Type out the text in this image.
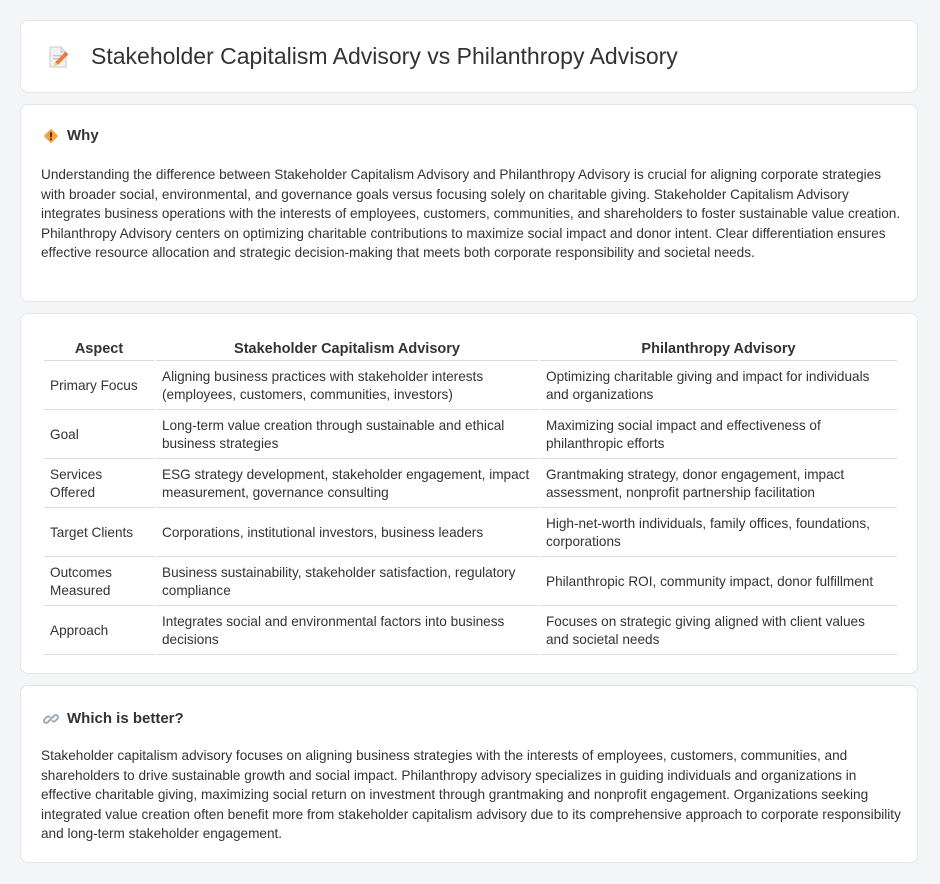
Stakeholder Capitalism Advisory vs Philanthropy Advisory
Why

Understanding the difference between Stakeholder Capitalism Advisory and Philanthropy Advisory is crucial for aligning corporate strategies with broader social, environmental, and governance goals versus focusing solely on charitable giving. Stakeholder Capitalism Advisory integrates business operations with the interests of employees, customers, communities, and shareholders to foster sustainable value creation. Philanthropy Advisory centers on optimizing charitable contributions to maximize social impact and donor intent. Clear differentiation ensures effective resource allocation and strategic decision-making that meets both corporate responsibility and societal needs.

Aspect	Stakeholder Capitalism Advisory	Philanthropy Advisory
Primary Focus	Aligning business practices with stakeholder interests (employees, customers, communities, investors)	Optimizing charitable giving and impact for individuals and organizations
Goal	Long-term value creation through sustainable and ethical business strategies	Maximizing social impact and effectiveness of philanthropic efforts
Services Offered	ESG strategy development, stakeholder engagement, impact measurement, governance consulting	Grantmaking strategy, donor engagement, impact assessment, nonprofit partnership facilitation
Target Clients	Corporations, institutional investors, business leaders	High-net-worth individuals, family offices, foundations, corporations
Outcomes Measured	Business sustainability, stakeholder satisfaction, regulatory compliance	Philanthropic ROI, community impact, donor fulfillment
Approach	Integrates social and environmental factors into business decisions	Focuses on strategic giving aligned with client values and societal needs
Which is better?

Stakeholder capitalism advisory focuses on aligning business strategies with the interests of employees, customers, communities, and shareholders to drive sustainable growth and social impact. Philanthropy advisory specializes in guiding individuals and organizations in effective charitable giving, maximizing social return on investment through grantmaking and nonprofit engagement. Organizations seeking integrated value creation often benefit more from stakeholder capitalism advisory due to its comprehensive approach to corporate responsibility and long-term stakeholder engagement.
